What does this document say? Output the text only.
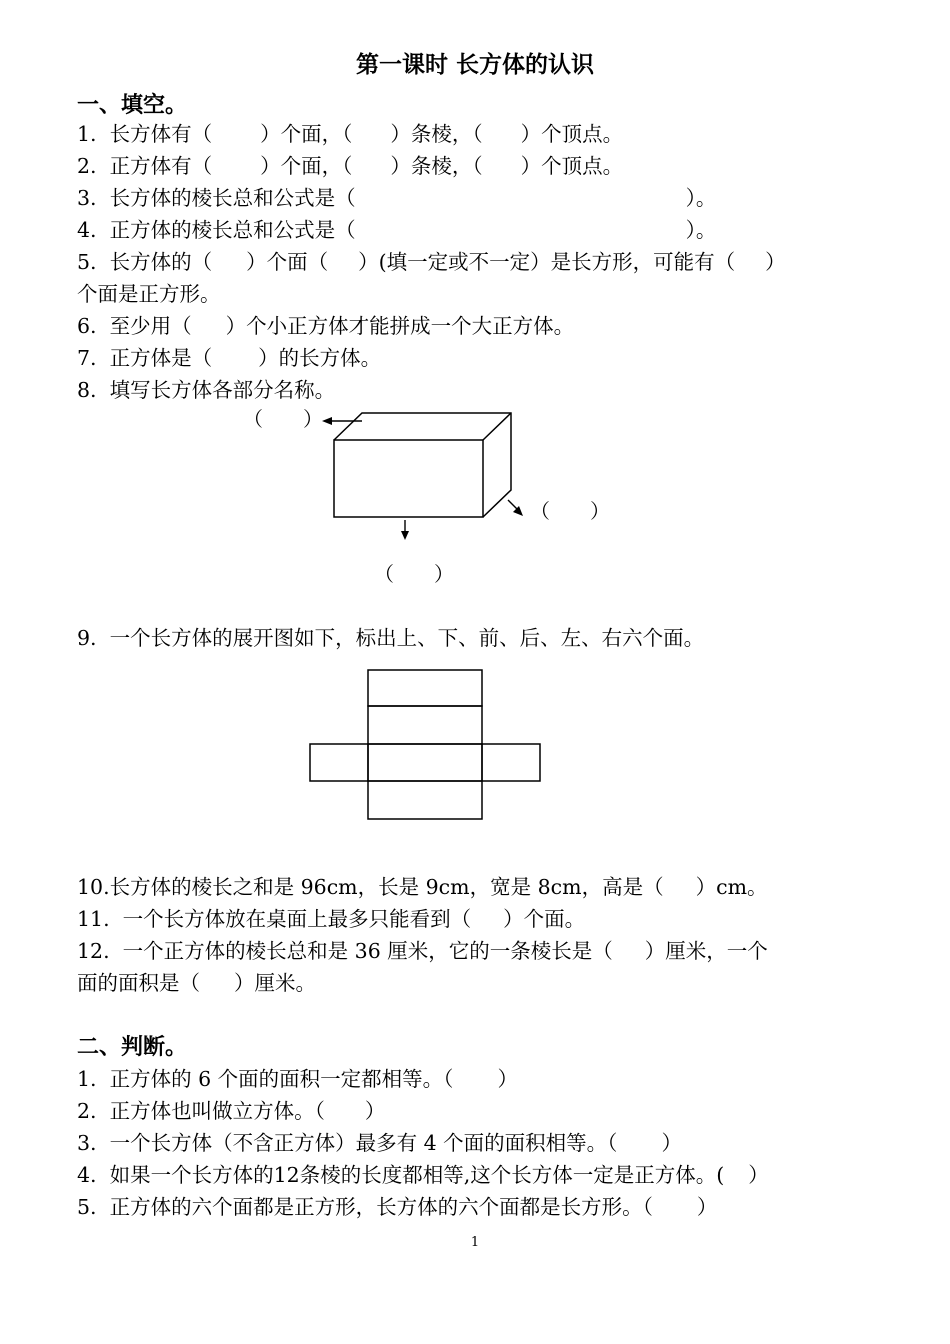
第一课时 长方体的认识
一、填空。
1. 长方体有（ ）个面，（ ）条棱，（ ）个顶点。
2. 正方体有（ ）个面，（ ）条棱，（ ）个顶点。
3. 长方体的棱长总和公式是（	）。
4. 正方体的棱长总和公式是（	）。
5. 长方体的（ ）个面（ ）(填一定或不一定）是长方形，可能有（ ）
个面是正方形。
6. 至少用（ ）个小正方体才能拼成一个大正方体。
7. 正方体是（ ）的长方体。
8. 填写长方体各部分名称。
（　　）
（　　）
（　　）
9. 一个长方体的展开图如下，标出上、下、前、后、左、右六个面。
10.长方体的棱长之和是 96cm，长是 9cm，宽是 8cm，高是（ ）cm。
11. 一个长方体放在桌面上最多只能看到（ ）个面。
12. 一个正方体的棱长总和是 36 厘米，它的一条棱长是（ ）厘米，一个
面的面积是（ ）厘米。
二、判断。
1. 正方体的 6 个面的面积一定都相等。（ ）
2. 正方体也叫做立方体。（ ）
3. 一个长方体（不含正方体）最多有 4 个面的面积相等。（ ）
4. 如果一个长方体的12条棱的长度都相等,这个长方体一定是正方体。( ）
5. 正方体的六个面都是正方形，长方体的六个面都是长方形。（ ）
1
